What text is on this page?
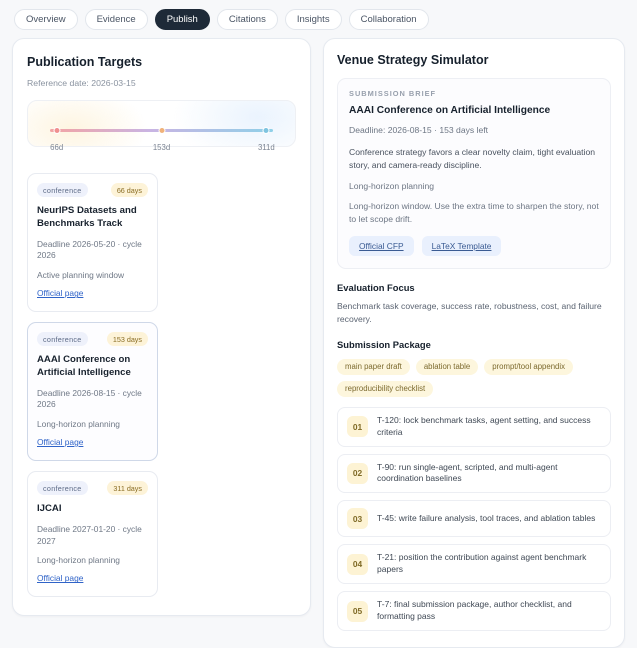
Overview	Evidence	Publish	Citations	Insights	Collaboration
Publication Targets
Reference date: 2026-03-15
66d	153d	311d
conference	66 days
NeurIPS Datasets and Benchmarks Track
Deadline 2026-05-20 · cycle 2026
Active planning window
Official page
conference	153 days
AAAI Conference on Artificial Intelligence
Deadline 2026-08-15 · cycle 2026
Long-horizon planning
Official page
conference	311 days
IJCAI
Deadline 2027-01-20 · cycle 2027
Long-horizon planning
Official page
Venue Strategy Simulator
SUBMISSION BRIEF
AAAI Conference on Artificial Intelligence
Deadline: 2026-08-15 · 153 days left
Conference strategy favors a clear novelty claim, tight evaluation story, and camera-ready discipline.
Long-horizon planning
Long-horizon window. Use the extra time to sharpen the story, not to let scope drift.
Official CFP	LaTeX Template
Evaluation Focus
Benchmark task coverage, success rate, robustness, cost, and failure recovery.
Submission Package
main paper draft	ablation table	prompt/tool appendix
reproducibility checklist
01
T-120: lock benchmark tasks, agent setting, and success criteria
02
T-90: run single-agent, scripted, and multi-agent coordination baselines
03	T-45: write failure analysis, tool traces, and ablation tables
04
T-21: position the contribution against agent benchmark papers
05
T-7: final submission package, author checklist, and formatting pass
